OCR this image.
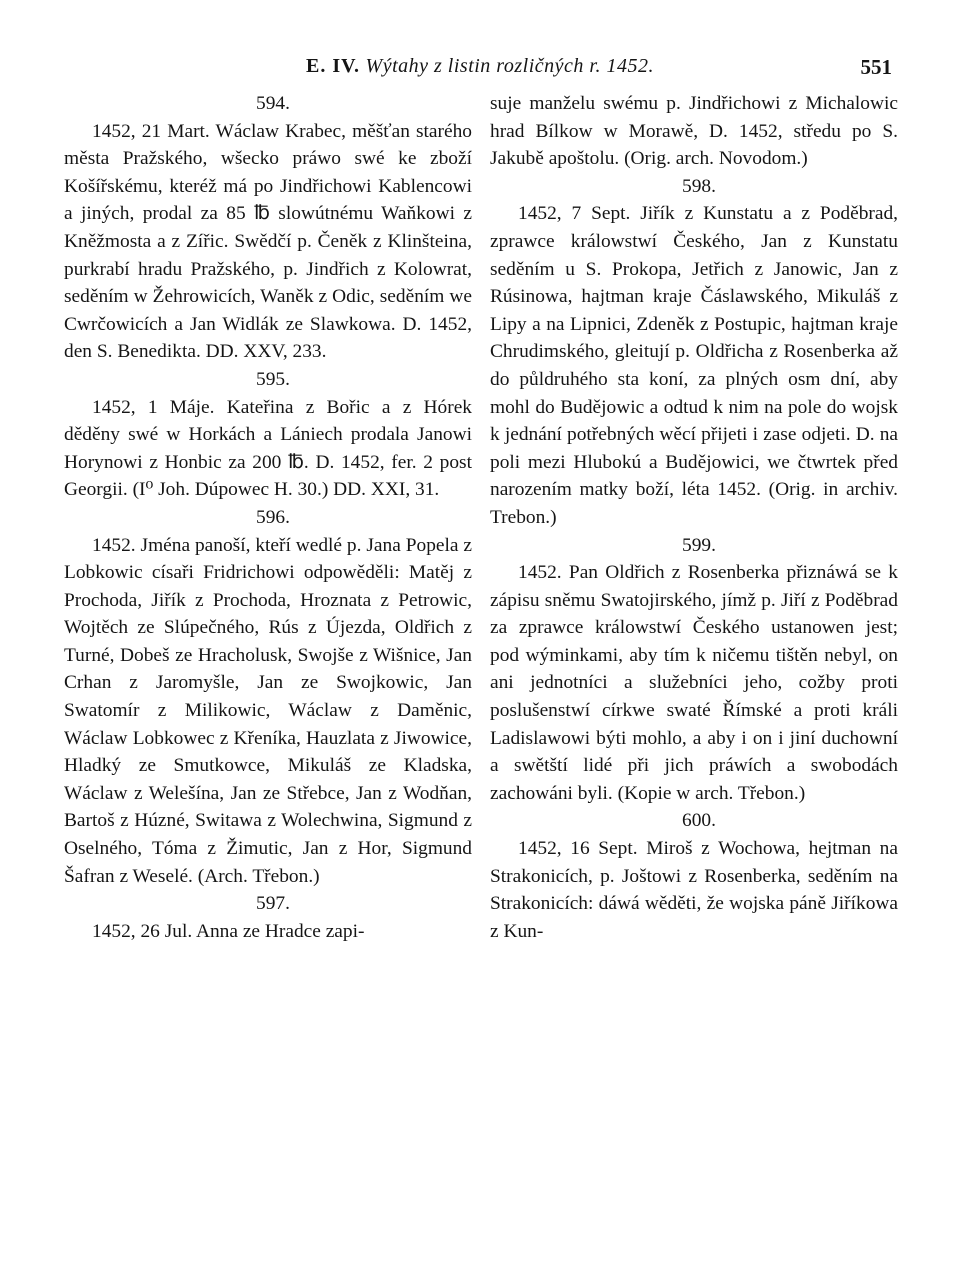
E. IV. Wýtahy z listin rozličných r. 1452.	551

594.

1452, 21 Mart. Wáclaw Krabec, měšťan starého města Pražského, wšecko práwo swé ke zboží Košířskému, kteréž má po Jindřichowi Kablencowi a jiných, prodal za 85 ℔ slowútnému Waňkowi z Kněžmosta a z Zířic. Swědčí p. Čeněk z Klinšteina, purkrabí hradu Pražského, p. Jindřich z Kolowrat, seděním w Žehrowicích, Waněk z Odic, seděním we Cwrčowicích a Jan Widlák ze Slawkowa. D. 1452, den S. Benedikta. DD. XXV, 233.

595.

1452, 1 Máje. Kateřina z Bořic a z Hórek děděny swé w Horkách a Lániech prodala Janowi Horynowi z Honbic za 200 ℔. D. 1452, fer. 2 post Georgii. (I⁰ Joh. Dúpowec H. 30.) DD. XXI, 31.

596.

1452. Jména panoší, kteří wedlé p. Jana Popela z Lobkowic císaři Fridrichowi odpowěděli: Matěj z Prochoda, Jiřík z Prochoda, Hroznata z Petrowic, Wojtěch ze Slúpečného, Rús z Újezda, Oldřich z Turné, Dobeš ze Hracholusk, Swojše z Wišnice, Jan Crhan z Jaromyšle, Jan ze Swojkowic, Jan Swatomír z Milikowic, Wáclaw z Daměnic, Wáclaw Lobkowec z Křeníka, Hauzlata z Jiwowice, Hladký ze Smutkowce, Mikuláš ze Kladska, Wáclaw z Welešína, Jan ze Střebce, Jan z Wodňan, Bartoš z Húzné, Switawa z Wolechwina, Sigmund z Oselného, Tóma z Žimutic, Jan z Hor, Sigmund Šafran z Weselé. (Arch. Třebon.)

597.

1452, 26 Jul. Anna ze Hradce zapi-

suje manželu swému p. Jindřichowi z Michalowic hrad Bílkow w Morawě, D. 1452, středu po S. Jakubě apoštolu. (Orig. arch. Novodom.)

598.

1452, 7 Sept. Jiřík z Kunstatu a z Poděbrad, zprawce králowstwí Českého, Jan z Kunstatu seděním u S. Prokopa, Jetřich z Janowic, Jan z Rúsinowa, hajtman kraje Čáslawského, Mikuláš z Lipy a na Lipnici, Zdeněk z Postupic, hajtman kraje Chrudimského, gleitují p. Oldřicha z Rosenberka až do půldruhého sta koní, za plných osm dní, aby mohl do Budějowic a odtud k nim na pole do wojsk k jednání potřebných wěcí přijeti i zase odjeti. D. na poli mezi Hlubokú a Budějowici, we čtwrtek před narozením matky boží, léta 1452. (Orig. in archiv. Trebon.)

599.

1452. Pan Oldřich z Rosenberka přiznáwá se k zápisu sněmu Swatojirského, jímž p. Jiří z Poděbrad za zprawce králowstwí Českého ustanowen jest; pod wýminkami, aby tím k ničemu tištěn nebyl, on ani jednotníci a služebníci jeho, cožby proti poslušenstwí církwe swaté Římské a proti králi Ladislawowi býti mohlo, a aby i on i jiní duchowní a swětští lidé při jich práwích a swobodách zachowáni byli. (Kopie w arch. Třebon.)

600.

1452, 16 Sept. Miroš z Wochowa, hejtman na Strakonicích, p. Joštowi z Rosenberka, seděním na Strakonicích: dáwá wěděti, že wojska páně Jiříkowa z Kun-
